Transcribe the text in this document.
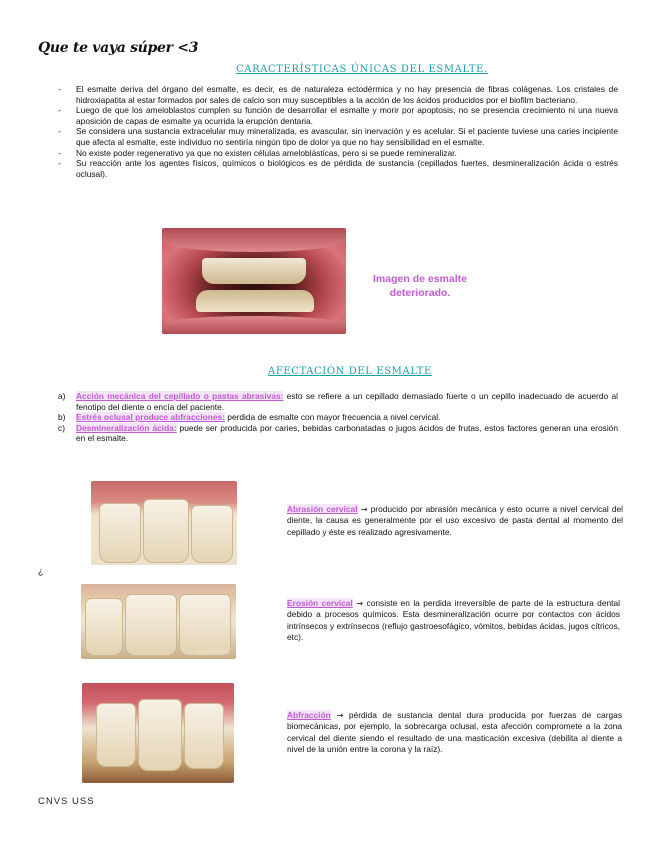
Que te vaya súper <3
CARACTERÍSTICAS ÚNICAS DEL ESMALTE.
- El esmalte deriva del órgano del esmalte, es decir, es de naturaleza ectodérmica y no hay presencia de fibras colágenas. Los cristales de hidroxiapatita al estar formados por sales de calcio son muy susceptibles a la acción de los ácidos producidos por el biofilm bacteriano.
- Luego de que los ameloblastos cumplen su función de desarrollar el esmalte y morir por apoptosis, no se presencia crecimiento ni una nueva aposición de capas de esmalte ya ocurrida la erupción dentaria.
- Se considera una sustancia extracelular muy mineralizada, es avascular, sin inervación y es acelular. Si el paciente tuviese una caries incipiente que afecta al esmalte, este individuo no sentiría ningún tipo de dolor ya que no hay sensibilidad en el esmalte.
- No existe poder regenerativo ya que no existen células ameloblásticas, pero si se puede remineralizar.
- Su reacción ante los agentes físicos, químicos o biológicos es de pérdida de sustancia (cepillados fuertes, desmineralización ácida o estrés oclusal).
Imagen de esmalte deteriorado.
AFECTACIÓN DEL ESMALTE
a) Acción mecánica del cepillado o pastas abrasivas: esto se refiere a un cepillado demasiado fuerte o un cepillo inadecuado de acuerdo al fenotipo del diente o encía del paciente.
b) Estrés oclusal produce abfracciones: perdida de esmalte con mayor frecuencia a nivel cervical.
c) Desmineralización ácida: puede ser producida por caries, bebidas carbonatadas o jugos ácidos de frutas, estos factores generan una erosión en el esmalte.
Abrasión cervical → producido por abrasión mecánica y esto ocurre a nivel cervical del diente, la causa es generalmente por el uso excesivo de pasta dental al momento del cepillado y éste es realizado agresivamente.
¿
propdental
Erosión cervical → consiste en la perdida irreversible de parte de la estructura dental debido a procesos químicos. Esta desmineralización ocurre por contactos con ácidos intrínsecos y extrínsecos (reflujo gastroesofágico, vómitos, bebidas ácidas, jugos cítricos, etc).
Abfracción → pérdida de sustancia dental dura producida por fuerzas de cargas biomecánicas, por ejemplo, la sobrecarga oclusal, esta afección compromete a la zona cervical del diente siendo el resultado de una masticación excesiva (debilita al diente a nivel de la unión entre la corona y la raíz).
CNVS USS
